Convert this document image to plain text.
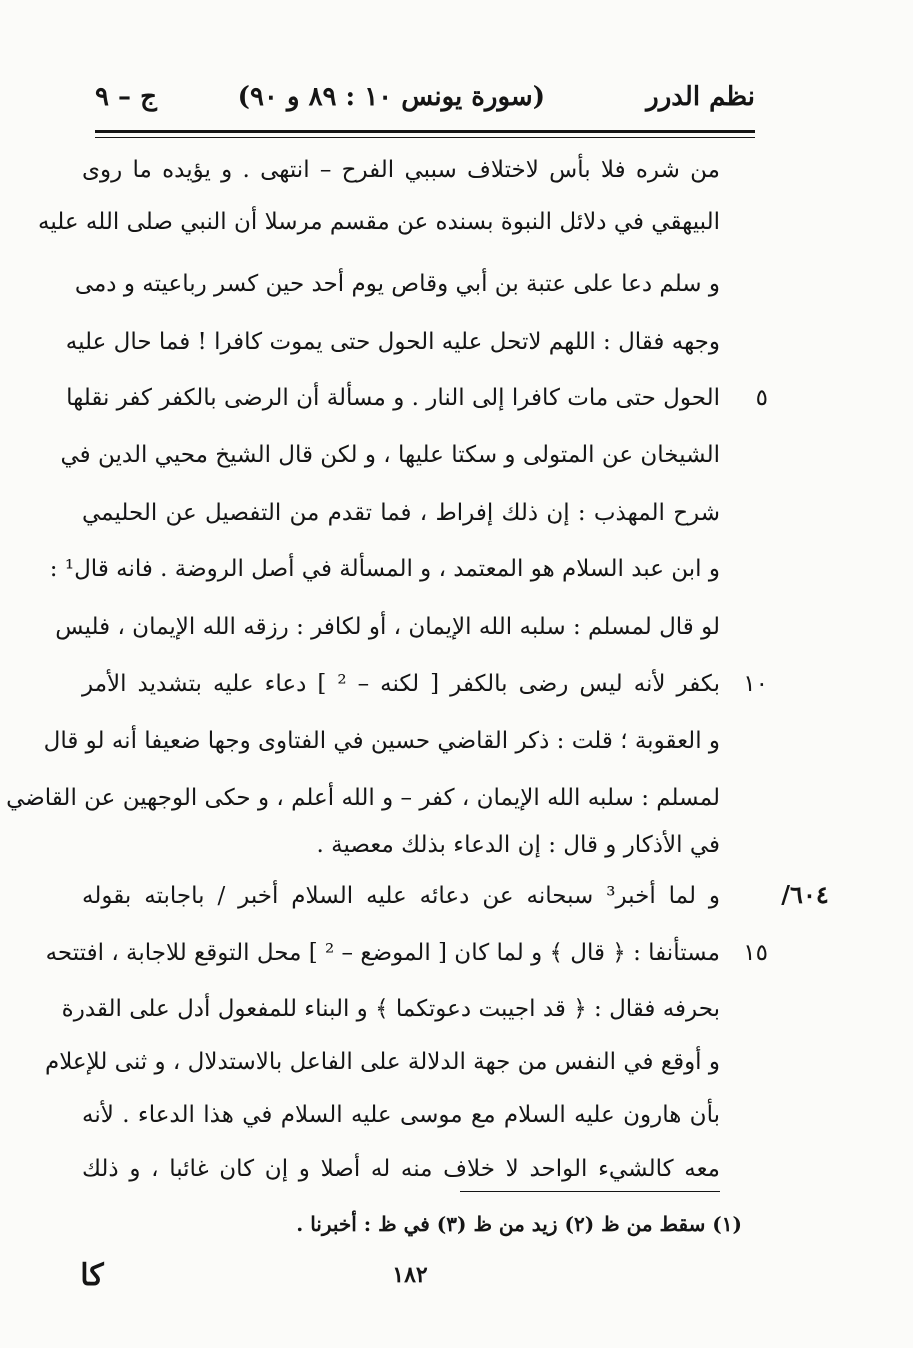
نظم الدرر
(سورة يونس ١٠ : ٨٩ و ٩٠)
ج – ٩
من شره فلا بأس لاختلاف سببي الفرح – انتهى . و يؤيده ما روى
البيهقي في دلائل النبوة بسنده عن مقسم مرسلا أن النبي صلى الله عليه
و سلم دعا على عتبة بن أبي وقاص يوم أحد حين كسر رباعيته و دمى
وجهه فقال : اللهم لاتحل عليه الحول حتى يموت كافرا ! فما حال عليه
الحول حتى مات كافرا إلى النار . و مسألة أن الرضى بالكفر كفر نقلها	٥
الشيخان عن المتولى و سكتا عليها ، و لكن قال الشيخ محيي الدين في
شرح المهذب : إن ذلك إفراط ، فما تقدم من التفصيل عن الحليمي
و ابن عبد السلام هو المعتمد ، و المسألة في أصل الروضة . فانه قال¹ :
لو قال لمسلم : سلبه الله الإيمان ، أو لكافر : رزقه الله الإيمان ، فليس
بكفر لأنه ليس رضى بالكفر [ لكنه – ² ] دعاء عليه بتشديد الأمر	١٠
و العقوبة ؛ قلت : ذكر القاضي حسين في الفتاوى وجها ضعيفا أنه لو قال
لمسلم : سلبه الله الإيمان ، كفر – و الله أعلم ، و حكى الوجهين عن القاضي
في الأذكار و قال : إن الدعاء بذلك معصية .
و لما أخبر³ سبحانه عن دعائه عليه السلام أخبر / باجابته بقوله
مستأنفا : ﴿ قال ﴾ و لما كان [ الموضع – ² ] محل التوقع للاجابة ، افتتحه	١٥
بحرفه فقال : ﴿ قد اجيبت دعوتكما ﴾ و البناء للمفعول أدل على القدرة
و أوقع في النفس من جهة الدلالة على الفاعل بالاستدلال ، و ثنى للإعلام
بأن هارون عليه السلام مع موسى عليه السلام في هذا الدعاء . لأنه
معه كالشيء الواحد لا خلاف منه له أصلا و إن كان غائبا ، و ذلك
٦٠٤/
(١) سقط من ظ (٢) زيد من ظ (٣) في ظ : أخبرنا .
١٨٢
كا
